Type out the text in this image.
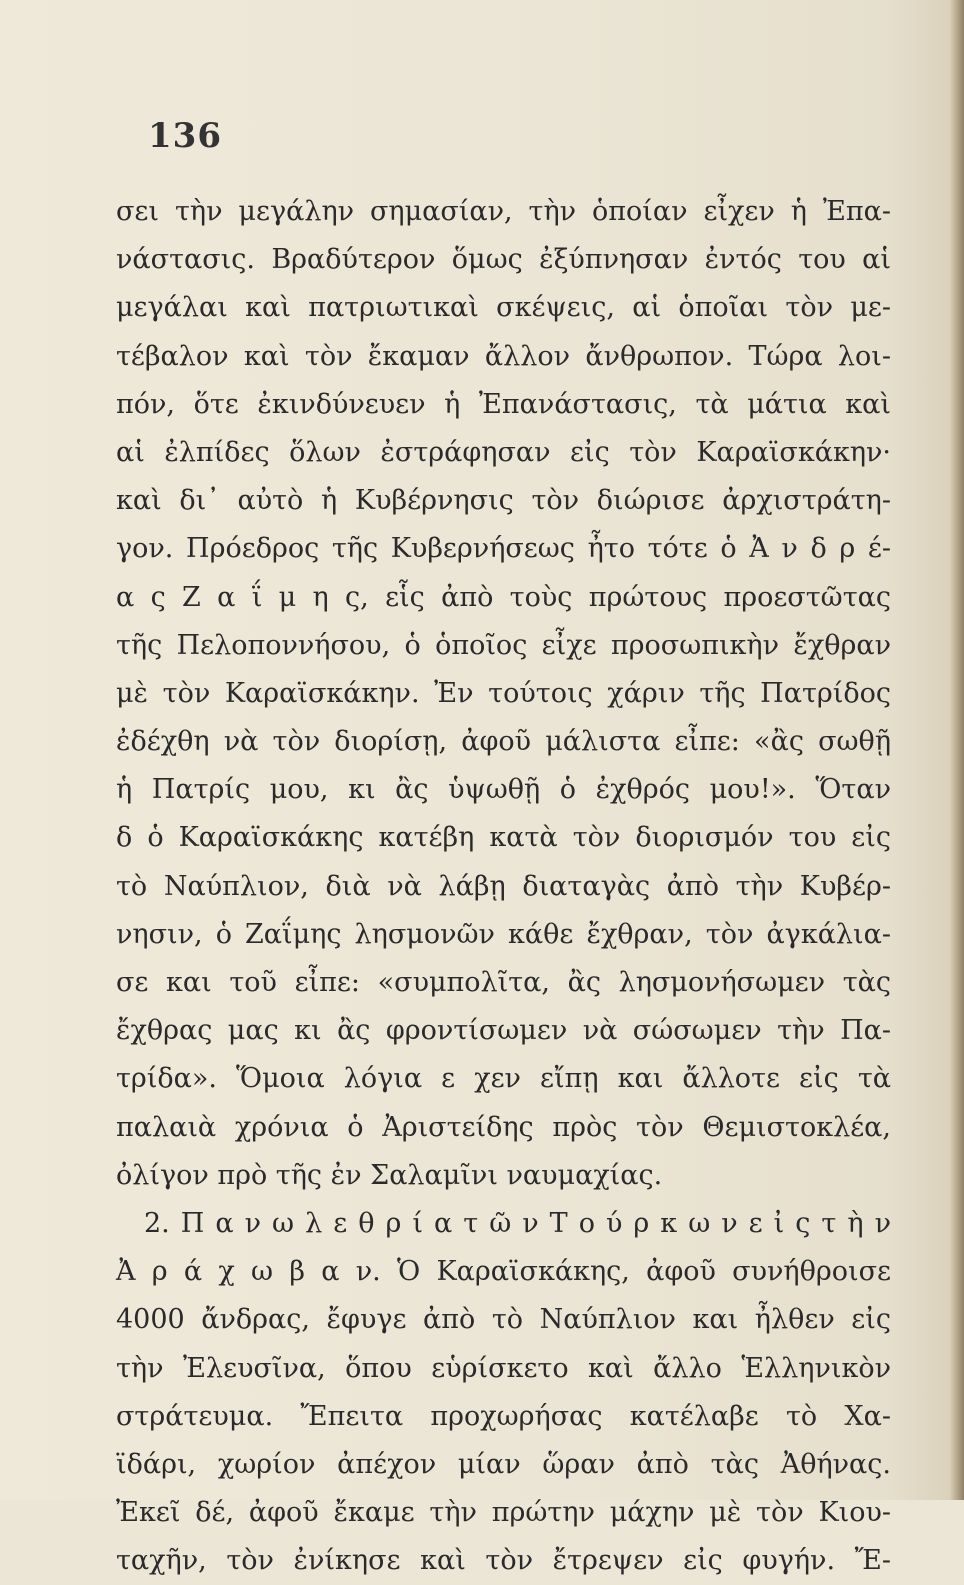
136
σει τὴν μεγάλην σημασίαν, τὴν ὁποίαν εἶχεν ἡ Ἐπα-
νάστασις. Βραδύτερον ὅμως ἐξύπνησαν ἐντός του αἱ
μεγάλαι καὶ πατριωτικαὶ σκέψεις, αἱ ὁποῖαι τὸν με-
τέβαλον καὶ τὸν ἔκαμαν ἄλλον ἄνθρωπον. Τώρα λοι-
πόν, ὅτε ἐκινδύνευεν ἡ Ἐπανάστασις, τὰ μάτια καὶ
αἱ ἐλπίδες ὅλων ἐστράφησαν εἰς τὸν Καραϊσκάκην·
καὶ δι᾽ αὐτὸ ἡ Κυβέρνησις τὸν διώρισε ἀρχιστράτη-
γον. Πρόεδρος τῆς Κυβερνήσεως ἦτο τότε ὁ Ἀ ν δ ρ έ-
α ς Ζ α ΐ μ η ς, εἷς ἀπὸ τοὺς πρώτους προεστῶτας
τῆς Πελοποννήσου, ὁ ὁποῖος εἶχε προσωπικὴν ἔχθραν
μὲ τὸν Καραϊσκάκην. Ἐν τούτοις χάριν τῆς Πατρίδος
ἐδέχθη νὰ τὸν διορίσῃ, ἀφοῦ μάλιστα εἶπε: «ἂς σωθῇ
ἡ Πατρίς μου, κι ἂς ὑψωθῇ ὁ ἐχθρός μου!». Ὅταν
δ ὁ Καραϊσκάκης κατέβη κατὰ τὸν διορισμόν του εἰς
τὸ Ναύπλιον, διὰ νὰ λάβῃ διαταγὰς ἀπὸ τὴν Κυβέρ-
νησιν, ὁ Ζαΐμης λησμονῶν κάθε ἔχθραν, τὸν ἀγκάλια-
σε και τοῦ εἶπε: «συμπολῖτα, ἂς λησμονήσωμεν τὰς
ἔχθρας μας κι ἂς φροντίσωμεν νὰ σώσωμεν τὴν Πα-
τρίδα». Ὅμοια λόγια ε χεν εἴπῃ και ἄλλοτε εἰς τὰ
παλαιὰ χρόνια ὁ Ἀριστείδης πρὸς τὸν Θεμιστοκλέα,
ὀλίγον πρὸ τῆς ἐν Σαλαμῖνι ναυμαχίας.
2. Π α ν ω λ ε θ ρ ί α τ ῶ ν Τ ο ύ ρ κ ω ν ε ἰ ς τ ὴ ν
Ἀ ρ ά χ ω β α ν. Ὁ Καραϊσκάκης, ἀφοῦ συνήθροισε
4000 ἄνδρας, ἔφυγε ἀπὸ τὸ Ναύπλιον και ἦλθεν εἰς
τὴν Ἐλευσῖνα, ὅπου εὑρίσκετο καὶ ἄλλο Ἑλληνικὸν
στράτευμα. Ἔπειτα προχωρήσας κατέλαβε τὸ Χα-
ϊδάρι, χωρίον ἀπέχον μίαν ὥραν ἀπὸ τὰς Ἀθήνας.
Ἐκεῖ δέ, ἀφοῦ ἔκαμε τὴν πρώτην μάχην μὲ τὸν Κιου-
ταχῆν, τὸν ἐνίκησε καὶ τὸν ἔτρεψεν εἰς φυγήν. Ἔ-
